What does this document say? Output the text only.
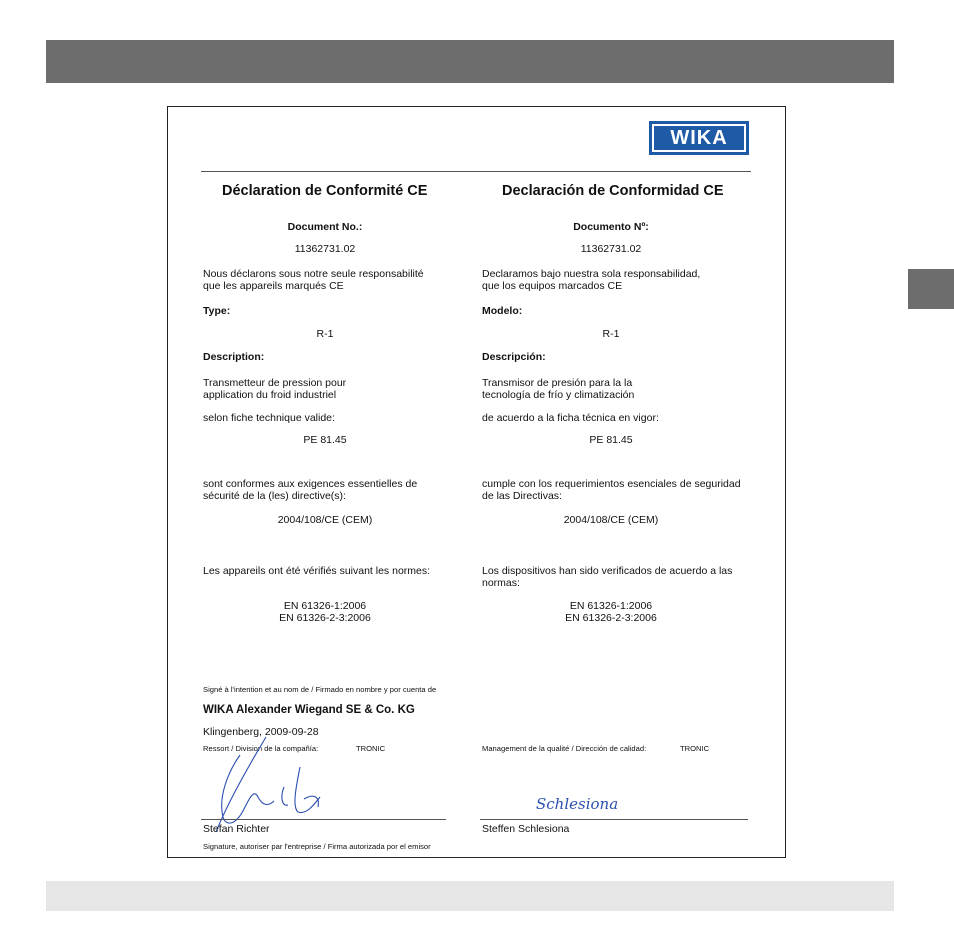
WIKA
Déclaration de Conformité CE
Document No.:
11362731.02
Nous déclarons sous notre seule responsabilité
que les appareils marqués CE
Type:
R-1
Description:
Transmetteur de pression pour
application du froid industriel
selon fiche technique valide:
PE 81.45
sont conformes aux exigences essentielles de
sécurité de la (les) directive(s):
2004/108/CE (CEM)
Les appareils ont été vérifiés suivant les normes:
EN 61326-1:2006
EN 61326-2-3:2006
Declaración de Conformidad CE
Documento Nº:
11362731.02
Declaramos bajo nuestra sola responsabilidad,
que los equipos marcados CE
Modelo:
R-1
Descripción:
Transmisor de presión para la la
tecnología de frío y climatización
de acuerdo a la ficha técnica en vigor:
PE 81.45
cumple con los requerimientos esenciales de seguridad
de las Directivas:
2004/108/CE (CEM)
Los dispositivos han sido verificados de acuerdo a las
normas:
EN 61326-1:2006
EN 61326-2-3:2006
Signé à l'intention et au nom de / Firmado en nombre y por cuenta de
WIKA Alexander Wiegand SE & Co. KG
Klingenberg, 2009-09-28
Ressort / Division de la compañía:	TRONIC	Management de la qualité / Dirección de calidad:	TRONIC
Schlesiona
Stefan Richter	Steffen Schlesiona
Signature, autoriser par l'entreprise / Firma autorizada por el emisor
